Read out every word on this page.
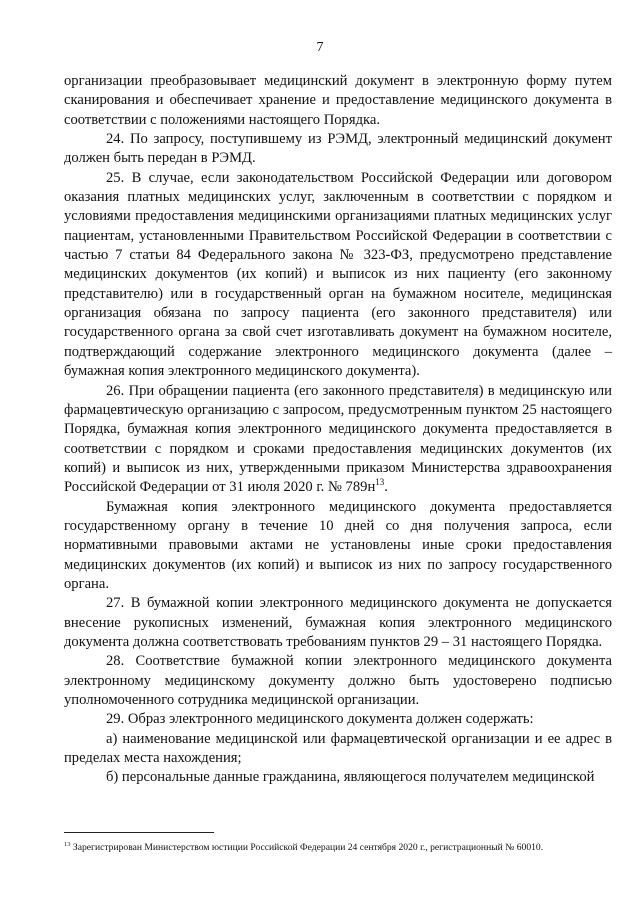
7

организации преобразовывает медицинский документ в электронную форму путем сканирования и обеспечивает хранение и предоставление медицинского документа в соответствии с положениями настоящего Порядка.

24. По запросу, поступившему из РЭМД, электронный медицинский документ должен быть передан в РЭМД.

25. В случае, если законодательством Российской Федерации или договором оказания платных медицинских услуг, заключенным в соответствии с порядком и условиями предоставления медицинскими организациями платных медицинских услуг пациентам, установленными Правительством Российской Федерации в соответствии с частью 7 статьи 84 Федерального закона № 323-ФЗ, предусмотрено представление медицинских документов (их копий) и выписок из них пациенту (его законному представителю) или в государственный орган на бумажном носителе, медицинская организация обязана по запросу пациента (его законного представителя) или государственного органа за свой счет изготавливать документ на бумажном носителе, подтверждающий содержание электронного медицинского документа (далее – бумажная копия электронного медицинского документа).

26. При обращении пациента (его законного представителя) в медицинскую или фармацевтическую организацию с запросом, предусмотренным пунктом 25 настоящего Порядка, бумажная копия электронного медицинского документа предоставляется в соответствии с порядком и сроками предоставления медицинских документов (их копий) и выписок из них, утвержденными приказом Министерства здравоохранения Российской Федерации от 31 июля 2020 г. № $789н^{13}$.

Бумажная копия электронного медицинского документа предоставляется государственному органу в течение 10 дней со дня получения запроса, если нормативными правовыми актами не установлены иные сроки предоставления медицинских документов (их копий) и выписок из них по запросу государственного органа.

27. В бумажной копии электронного медицинского документа не допускается внесение рукописных изменений, бумажная копия электронного медицинского документа должна соответствовать требованиям пунктов 29 – 31 настоящего Порядка.

28. Соответствие бумажной копии электронного медицинского документа электронному медицинскому документу должно быть удостоверено подписью уполномоченного сотрудника медицинской организации.

29. Образ электронного медицинского документа должен содержать:

а) наименование медицинской или фармацевтической организации и ее адрес в пределах места нахождения;

б) персональные данные гражданина, являющегося получателем медицинской

$^{13}$ Зарегистрирован Министерством юстиции Российской Федерации 24 сентября 2020 г., регистрационный № 60010.
